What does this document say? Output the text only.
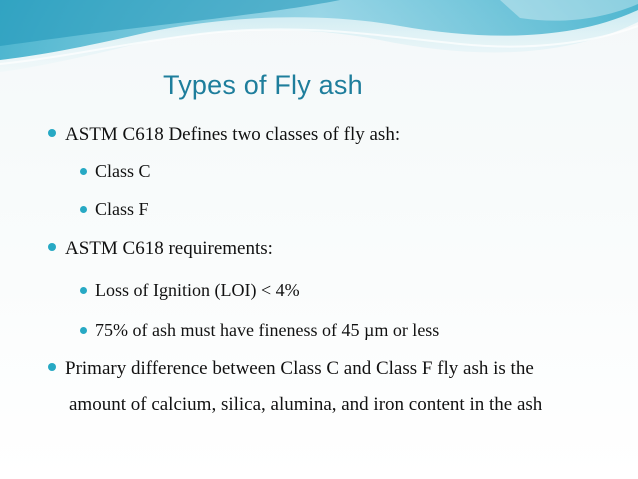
Types of Fly ash
ASTM C618 Defines two classes of fly ash:
Class C
Class F
ASTM C618 requirements:
Loss of Ignition (LOI) < 4%
75% of ash must have fineness of 45 µm or less
Primary difference between Class C and Class F fly ash is the
amount of calcium, silica, alumina, and iron content in the ash
